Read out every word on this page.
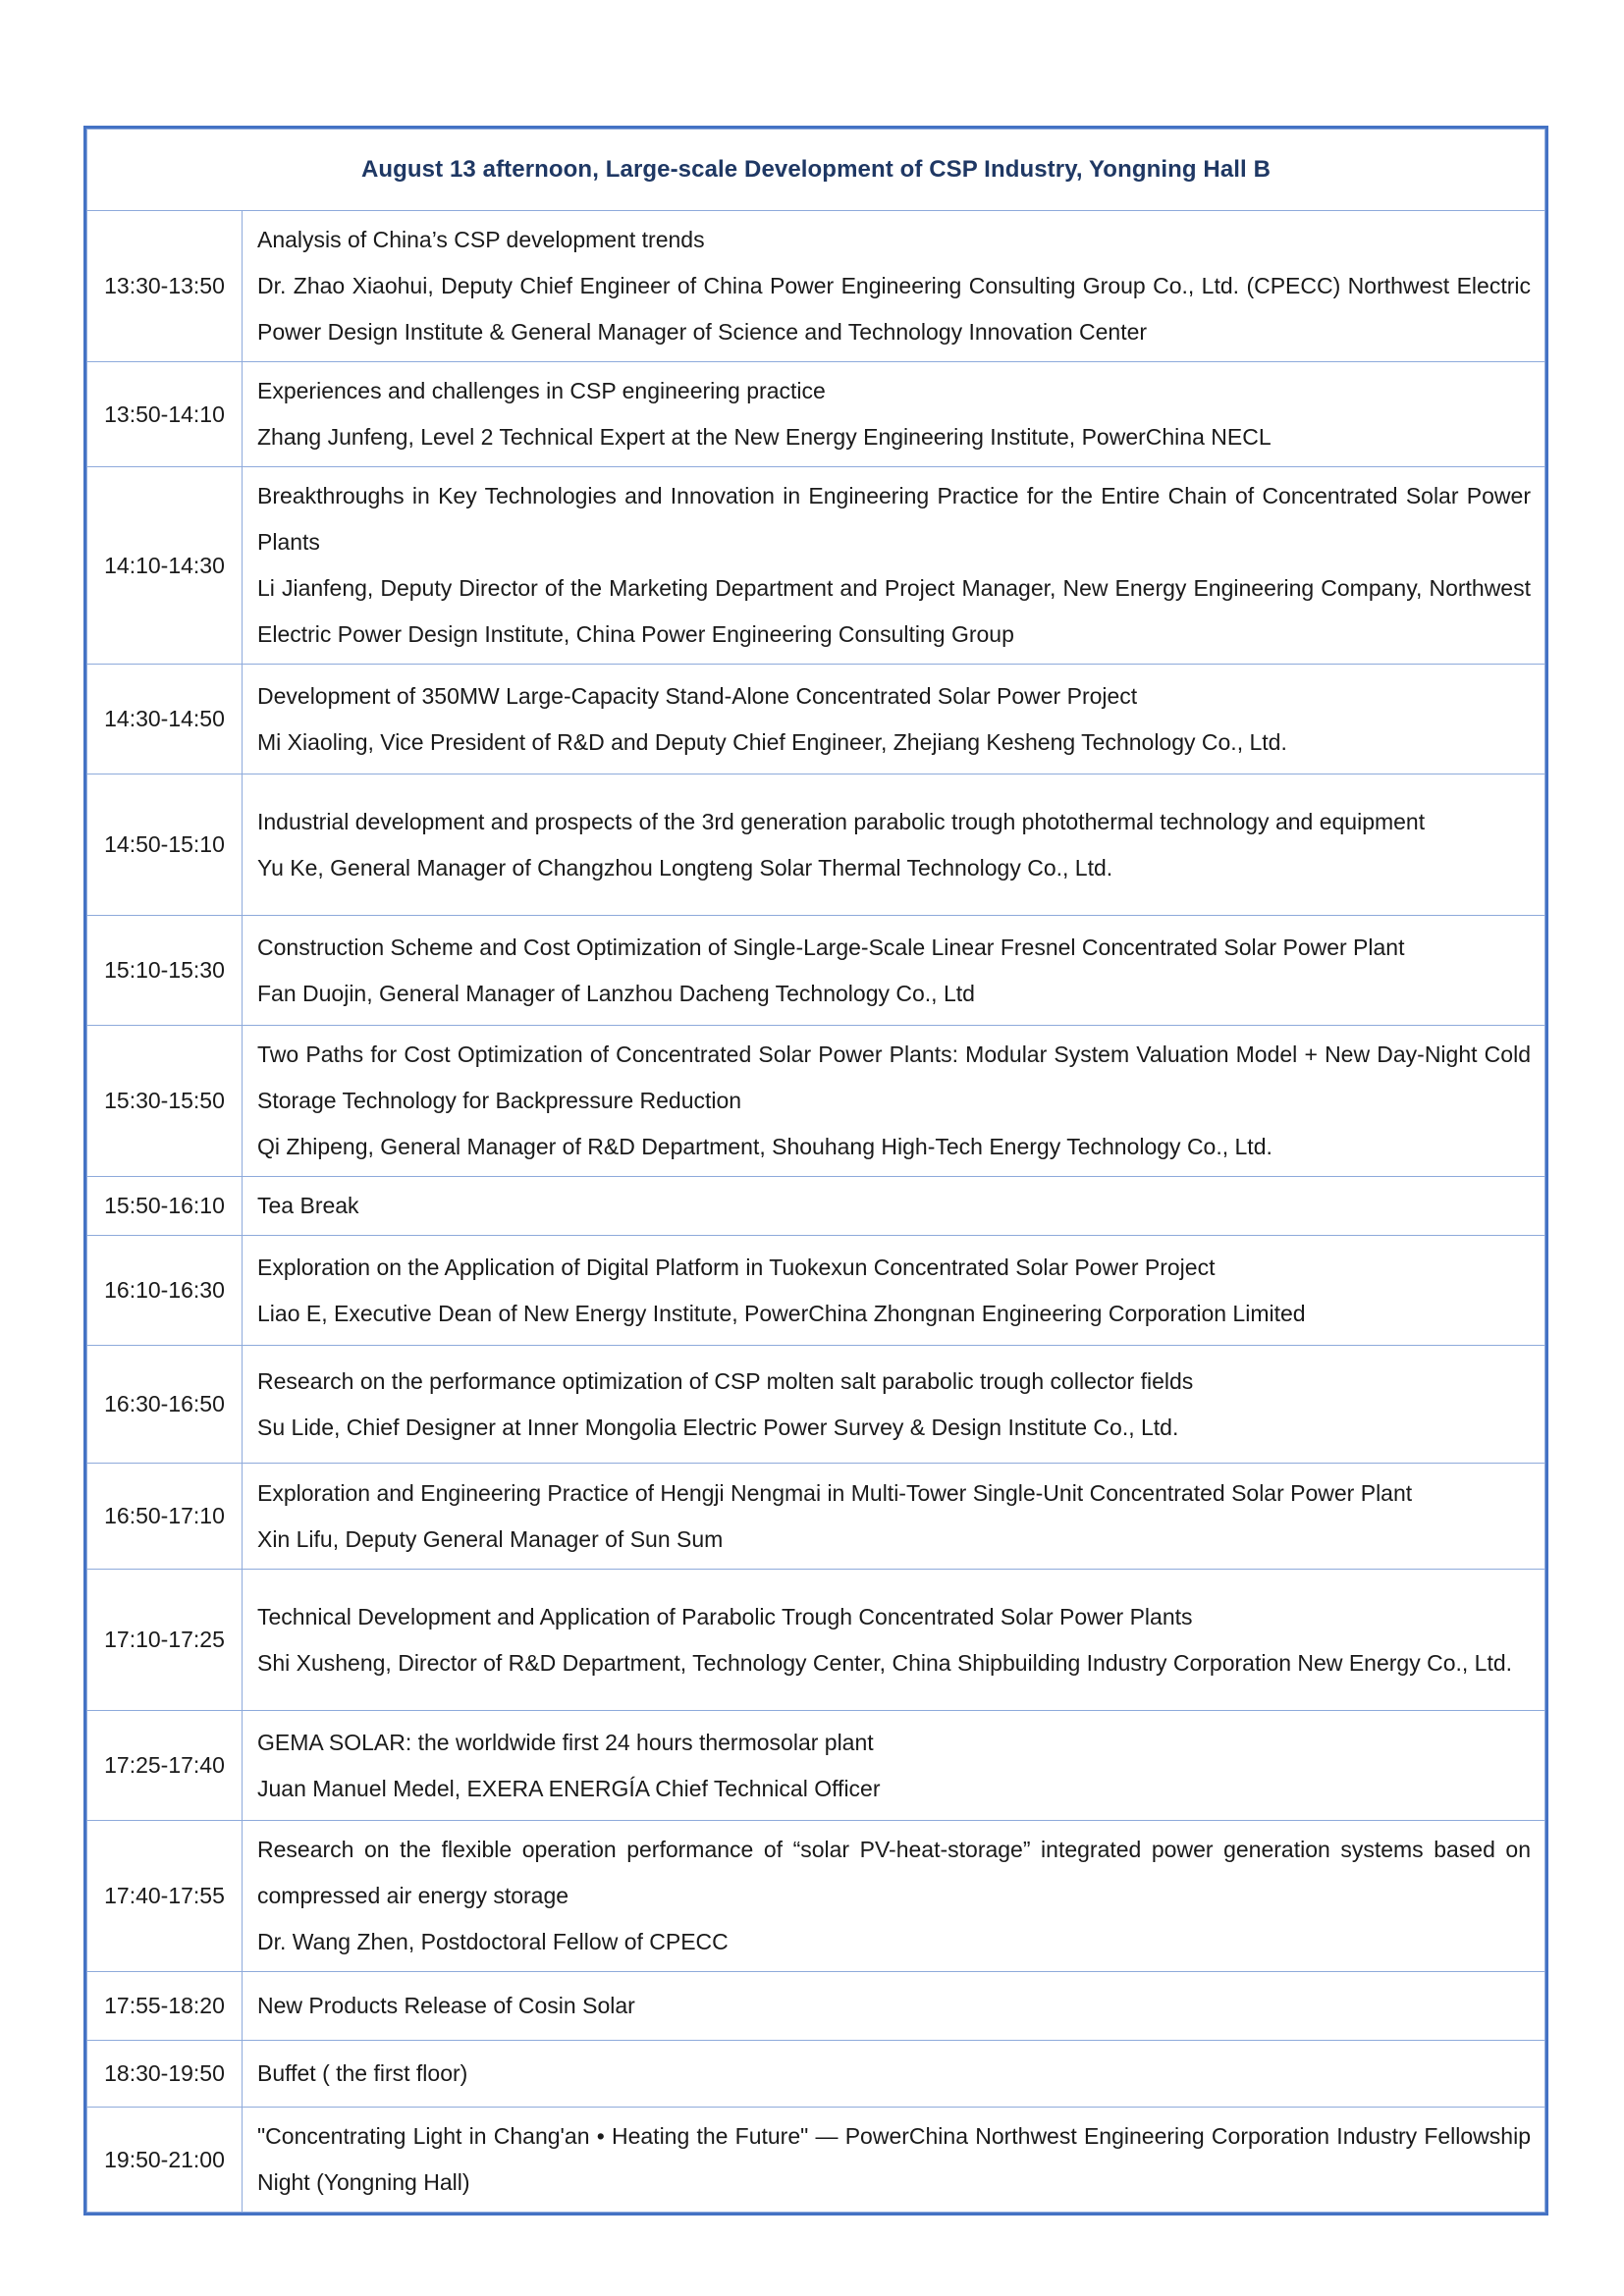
August 13 afternoon, Large-scale Development of CSP Industry, Yongning Hall B	
13:30-13:50	Analysis of China’s CSP development trends
Dr. Zhao Xiaohui, Deputy Chief Engineer of China Power Engineering Consulting Group Co., Ltd. (CPECC) Northwest Electric Power Design Institute & General Manager of Science and Technology Innovation Center

13:50-14:10	Experiences and challenges in CSP engineering practice
Zhang Junfeng, Level 2 Technical Expert at the New Energy Engineering Institute, PowerChina NECL

14:10-14:30	Breakthroughs in Key Technologies and Innovation in Engineering Practice for the Entire Chain of Concentrated Solar Power Plants
Li Jianfeng, Deputy Director of the Marketing Department and Project Manager, New Energy Engineering Company, Northwest Electric Power Design Institute, China Power Engineering Consulting Group

14:30-14:50	Development of 350MW Large-Capacity Stand-Alone Concentrated Solar Power Project
Mi Xiaoling, Vice President of R&D and Deputy Chief Engineer, Zhejiang Kesheng Technology Co., Ltd.

14:50-15:10	Industrial development and prospects of the 3rd generation parabolic trough photothermal technology and equipment
Yu Ke, General Manager of Changzhou Longteng Solar Thermal Technology Co., Ltd.

15:10-15:30	Construction Scheme and Cost Optimization of Single-Large-Scale Linear Fresnel Concentrated Solar Power Plant
Fan Duojin, General Manager of Lanzhou Dacheng Technology Co., Ltd

15:30-15:50	Two Paths for Cost Optimization of Concentrated Solar Power Plants: Modular System Valuation Model + New Day-Night Cold Storage Technology for Backpressure Reduction
Qi Zhipeng, General Manager of R&D Department, Shouhang High-Tech Energy Technology Co., Ltd.

15:50-16:10	Tea Break

16:10-16:30	Exploration on the Application of Digital Platform in Tuokexun Concentrated Solar Power Project
Liao E, Executive Dean of New Energy Institute, PowerChina Zhongnan Engineering Corporation Limited

16:30-16:50	Research on the performance optimization of CSP molten salt parabolic trough collector fields
Su Lide, Chief Designer at Inner Mongolia Electric Power Survey & Design Institute Co., Ltd.

16:50-17:10	Exploration and Engineering Practice of Hengji Nengmai in Multi-Tower Single-Unit Concentrated Solar Power Plant
Xin Lifu, Deputy General Manager of Sun Sum

17:10-17:25	Technical Development and Application of Parabolic Trough Concentrated Solar Power Plants
Shi Xusheng, Director of R&D Department, Technology Center, China Shipbuilding Industry Corporation New Energy Co., Ltd.

17:25-17:40	GEMA SOLAR: the worldwide first 24 hours thermosolar plant
Juan Manuel Medel, EXERA ENERGÍA Chief Technical Officer

17:40-17:55	Research on the flexible operation performance of “solar PV-heat-storage” integrated power generation systems based on compressed air energy storage
Dr. Wang Zhen, Postdoctoral Fellow of CPECC

17:55-18:20	New Products Release of Cosin Solar

18:30-19:50	Buffet ( the first floor)

19:50-21:00	"Concentrating Light in Chang'an • Heating the Future" — PowerChina Northwest Engineering Corporation Industry Fellowship Night (Yongning Hall)
